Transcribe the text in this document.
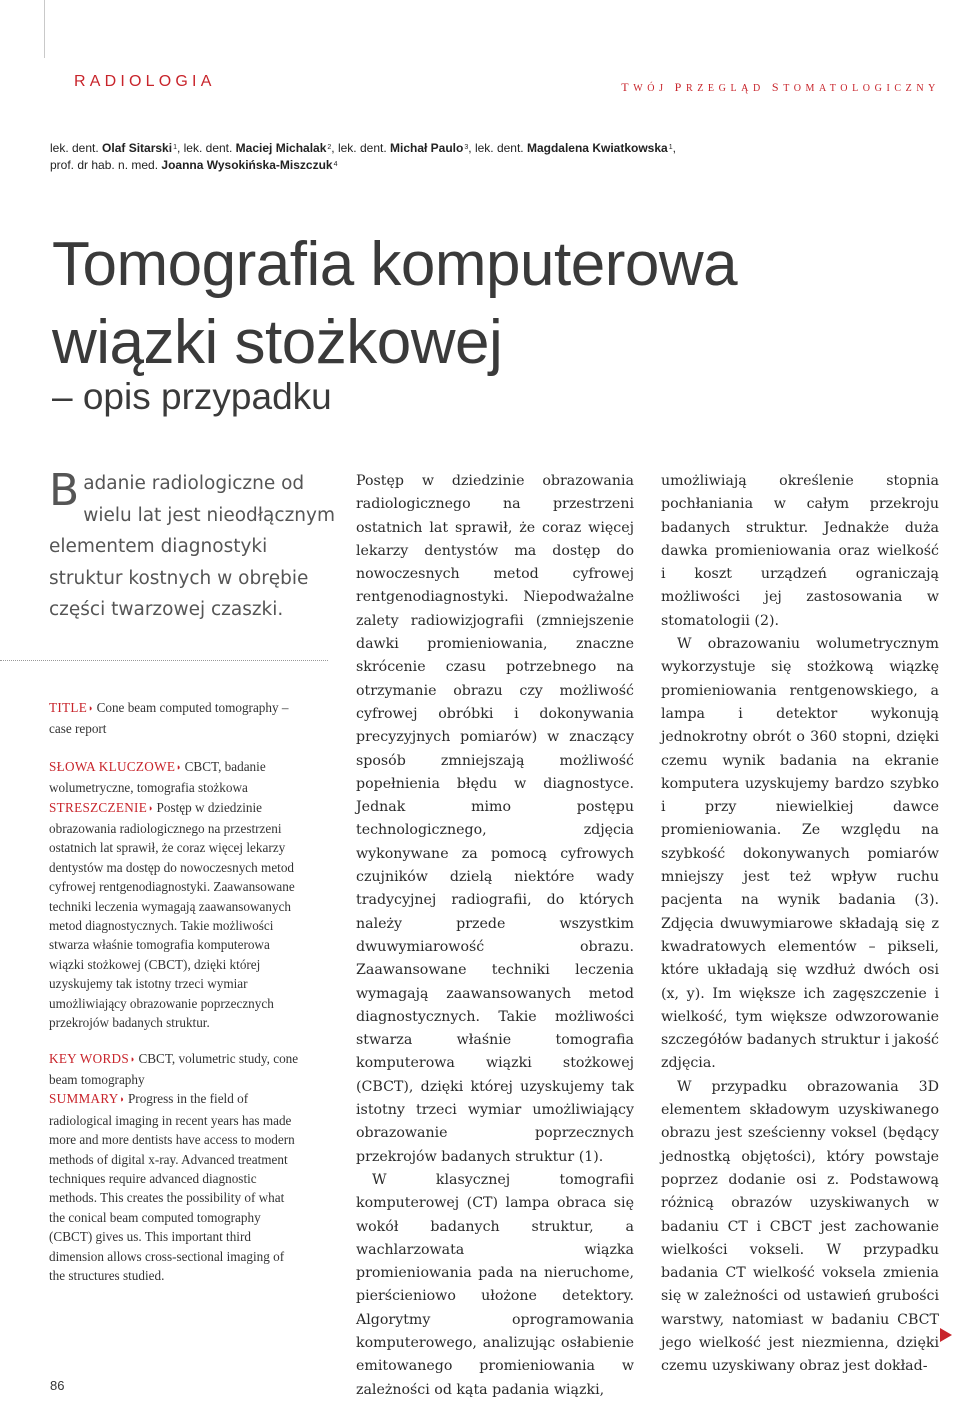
RADIOLOGIA	TWÓJ PRZEGLĄD STOMATOLOGICZNY
lek. dent. Olaf Sitarski$^1$, lek. dent. Maciej Michalak$^2$, lek. dent. Michał Paulo$^3$, lek. dent. Magdalena Kwiatkowska$^1$,
prof. dr hab. n. med. Joanna Wysokińska-Miszczuk$^4$
Tomografia komputerowa
wiązki stożkowej
– opis przypadku
Badanie radiologiczne od wielu lat jest nieodłącznym elementem diagnostyki struktur kostnych w obrębie części twarzowej czaszki.

TITLE◗ Cone beam computed tomography – case report

SŁOWA KLUCZOWE◗ CBCT, badanie wolumetryczne, tomografia stożkowa

STRESZCZENIE◗ Postęp w dziedzinie obrazowania radiologicznego na przestrzeni ostatnich lat sprawił, że coraz więcej lekarzy dentystów ma dostęp do nowoczesnych metod cyfrowej rentgenodiagnostyki. Zaawansowane techniki leczenia wymagają zaawansowanych metod diagnostycznych. Takie możliwości stwarza właśnie tomografia komputerowa wiązki stożkowej (CBCT), dzięki której uzyskujemy tak istotny trzeci wymiar umożliwiający obrazowanie poprzecznych przekrojów badanych struktur.

KEY WORDS◗ CBCT, volumetric study, cone beam tomography

SUMMARY◗ Progress in the field of radiological imaging in recent years has made more and more dentists have access to modern methods of digital x-ray. Advanced treatment techniques require advanced diagnostic methods. This creates the possibility of what the conical beam computed tomography (CBCT) gives us. This important third dimension allows cross-sectional imaging of the structures studied.

Postęp w dziedzinie obrazowania radiologicznego na przestrzeni ostatnich lat sprawił, że coraz więcej lekarzy dentystów ma dostęp do nowoczesnych metod cyfrowej rentgenodiagnostyki. Niepodważalne zalety radiowizjografii (zmniejszenie dawki promieniowania, znaczne skrócenie czasu potrzebnego na otrzymanie obrazu czy możliwość cyfrowej obróbki i dokonywania precyzyjnych pomiarów) w znaczący sposób zmniejszają możliwość popełnienia błędu w diagnostyce. Jednak mimo postępu technologicznego, zdjęcia wykonywane za pomocą cyfrowych czujników dzielą niektóre wady tradycyjnej radiografii, do których należy przede wszystkim dwuwymiarowość obrazu. Zaawansowane techniki leczenia wymagają zaawansowanych metod diagnostycznych. Takie możliwości stwarza właśnie tomografia komputerowa wiązki stożkowej (CBCT), dzięki której uzyskujemy tak istotny trzeci wymiar umożliwiający obrazowanie poprzecznych przekrojów badanych struktur (1).

W klasycznej tomografii komputerowej (CT) lampa obraca się wokół badanych struktur, a wachlarzowata wiązka promieniowania pada na nieruchome, pierścieniowo ułożone detektory. Algorytmy oprogramowania komputerowego, analizując osłabienie emitowanego promieniowania w zależności od kąta padania wiązki,

umożliwiają określenie stopnia pochłaniania w całym przekroju badanych struktur. Jednakże duża dawka promieniowania oraz wielkość i koszt urządzeń ograniczają możliwości jej zastosowania w stomatologii (2).

W obrazowaniu wolumetrycznym wykorzystuje się stożkową wiązkę promieniowania rentgenowskiego, a lampa i detektor wykonują jednokrotny obrót o 360 stopni, dzięki czemu wynik badania na ekranie komputera uzyskujemy bardzo szybko i przy niewielkiej dawce promieniowania. Ze względu na szybkość dokonywanych pomiarów mniejszy jest też wpływ ruchu pacjenta na wynik badania (3). Zdjęcia dwuwymiarowe składają się z kwadratowych elementów – pikseli, które układają się wzdłuż dwóch osi (x, y). Im większe ich zagęszczenie i wielkość, tym większe odwzorowanie szczegółów badanych struktur i jakość zdjęcia.

W przypadku obrazowania 3D elementem składowym uzyskiwanego obrazu jest sześcienny voksel (będący jednostką objętości), który powstaje poprzez dodanie osi z. Podstawową różnicą obrazów uzyskiwanych w badaniu CT i CBCT jest zachowanie wielkości vokseli. W przypadku badania CT wielkość voksela zmienia się w zależności od ustawień grubości warstwy, natomiast w badaniu CBCT jego wielkość jest niezmienna, dzięki czemu uzyskiwany obraz jest dokład-

86
